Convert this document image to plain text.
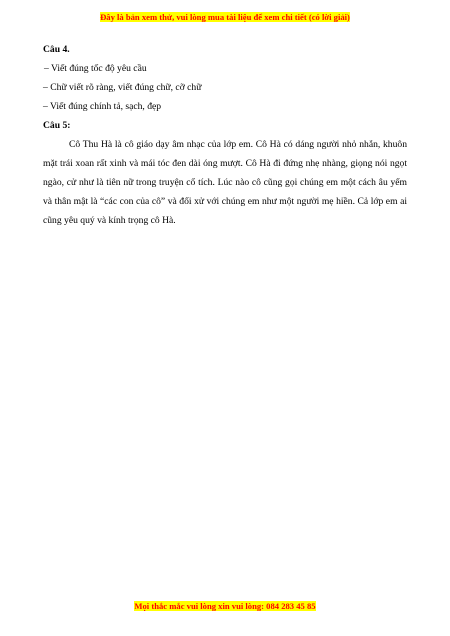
Đây là bản xem thử, vui lòng mua tài liệu để xem chi tiết (có lời giải)

Câu 4.

– Viết đúng tốc độ yêu cầu

– Chữ viết rõ ràng, viết đúng chữ, cỡ chữ

– Viết đúng chính tả, sạch, đẹp

Câu 5:

Cô Thu Hà là cô giáo dạy âm nhạc của lớp em. Cô Hà có dáng người nhỏ nhắn, khuôn mặt trái xoan rất xinh và mái tóc đen dài óng mượt. Cô Hà đi đứng nhẹ nhàng, giọng nói ngọt ngào, cử như là tiên nữ trong truyện cổ tích. Lúc nào cô cũng gọi chúng em một cách âu yếm và thân mật là “các con của cô” và đối xử với chúng em như một người mẹ hiền. Cả lớp em ai cũng yêu quý và kính trọng cô Hà.

Mọi thắc mắc vui lòng xin vui lòng: 084 283 45 85
